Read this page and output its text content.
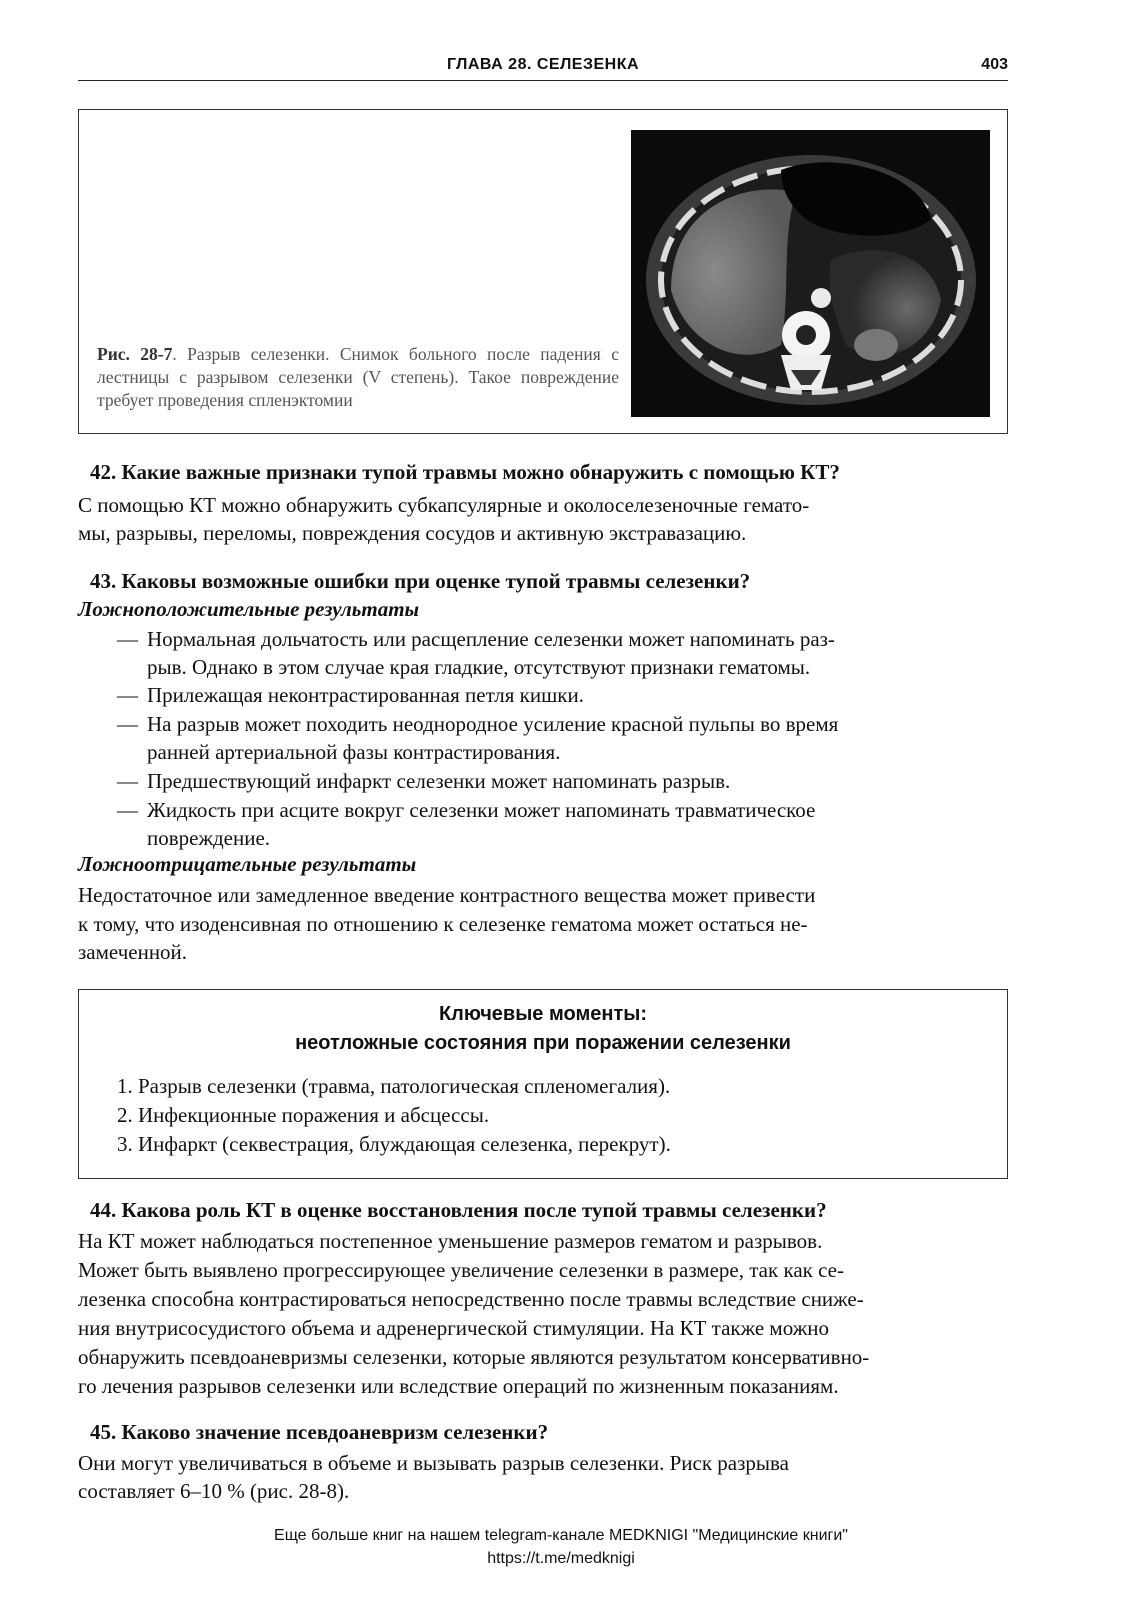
ГЛАВА 28. СЕЛЕЗЕНКА	403
Рис. 28-7. Разрыв селезенки. Снимок больного после падения с лестницы с разрывом селезенки (V степень). Такое повреждение требует проведения спленэктомии
42. Какие важные признаки тупой травмы можно обнаружить с помощью КТ?
С помощью КТ можно обнаружить субкапсулярные и околоселезеночные гемато-
мы, разрывы, переломы, повреждения сосудов и активную экстравазацию.
43. Каковы возможные ошибки при оценке тупой травмы селезенки?
Ложноположительные результаты
— Нормальная дольчатость или расщепление селезенки может напоминать раз-
рыв. Однако в этом случае края гладкие, отсутствуют признаки гематомы.
— Прилежащая неконтрастированная петля кишки.
— На разрыв может походить неоднородное усиление красной пульпы во время
ранней артериальной фазы контрастирования.
— Предшествующий инфаркт селезенки может напоминать разрыв.
— Жидкость при асците вокруг селезенки может напоминать травматическое
повреждение.
Ложноотрицательные результаты
Недостаточное или замедленное введение контрастного вещества может привести
к тому, что изоденсивная по отношению к селезенке гематома может остаться не-
замеченной.
Ключевые моменты:
неотложные состояния при поражении селезенки
1. Разрыв селезенки (травма, патологическая спленомегалия).
2. Инфекционные поражения и абсцессы.
3. Инфаркт (секвестрация, блуждающая селезенка, перекрут).
44. Какова роль КТ в оценке восстановления после тупой травмы селезенки?
На КТ может наблюдаться постепенное уменьшение размеров гематом и разрывов.
Может быть выявлено прогрессирующее увеличение селезенки в размере, так как се-
лезенка способна контрастироваться непосредственно после травмы вследствие сниже-
ния внутрисосудистого объема и адренергической стимуляции. На КТ также можно
обнаружить псевдоаневризмы селезенки, которые являются результатом консервативно-
го лечения разрывов селезенки или вследствие операций по жизненным показаниям.
45. Каково значение псевдоаневризм селезенки?
Они могут увеличиваться в объеме и вызывать разрыв селезенки. Риск разрыва
составляет 6–10 % (рис. 28-8).
Еще больше книг на нашем telegram-канале MEDKNIGI "Медицинские книги"
https://t.me/medknigi
